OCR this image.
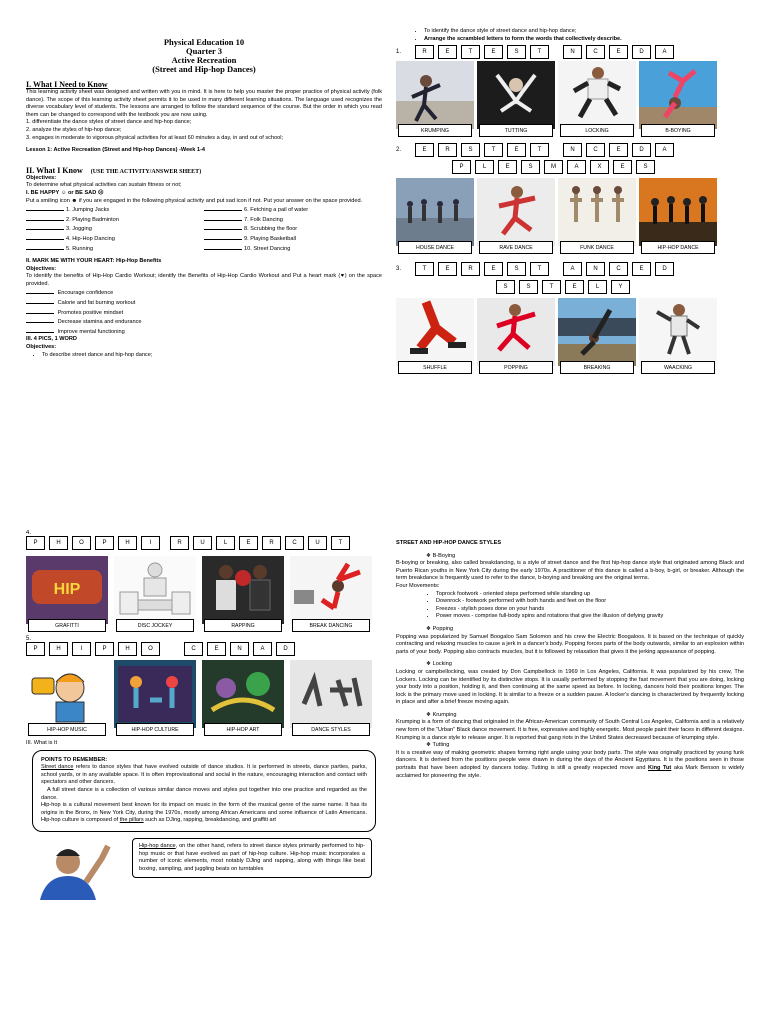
Physical Education 10
Quarter 3
Active Recreation
(Street and Hip-hop Dances)
I. What I Need to Know
This learning activity sheet was designed and written with you in mind. It is here to help you master the proper practice of physical activity (folk dance). The scope of this learning activity sheet permits it to be used in many different learning situations. The language used recognizes the diverse vocabulary level of students. The lessons are arranged to follow the standard sequence of the course. But the order in which you read them can be changed to correspond with the textbook you are now using.
1. differentiate the dance styles of street dance and hip-hop dance;
2. analyze the styles of hip-hop dance;
3. engages in moderate to vigorous physical activities for at least 60 minutes a day, in and out of school;
Lesson 1: Active Recreation (Street and Hip-hop Dances) -Week 1-4
II. What I Know (USE THE ACTIVITY/ANSWER SHEET)
Objectives:
To determine what physical activities can sustain fitness or not;
I. BE HAPPY ☺ or BE SAD ☹
Put a smiling icon ☻ if you are engaged in the following physical activity and put sad icon if not. Put your answer on the space provided.
1. Jumping Jacks
2. Playing Badminton
3. Jogging
4. Hip-Hop Dancing
5. Running
6. Fetching a pail of water
7. Folk Dancing
8. Scrubbing the floor
9. Playing Basketball
10. Street Dancing
II. MARK ME WITH YOUR HEART: Hip-Hop Benefits
Objectives:
To identify the benefits of Hip-Hop Cardio Workout; identify the Benefits of Hip-Hop Cardio Workout and Put a heart mark (♥) on the space provided.
Encourage confidence
Calorie and fat burning workout
Promotes positive mindset
Decrease stamina and endurance
Improve mental functioning
III. 4 PICS, 1 WORD
Objectives:
• To describe street dance and hip-hop dance;
• To identify the dance style of street dance and hip-hop dance;
• Arrange the scrambled letters to form the words that collectively describe.
1.	R	E	T	E	S	T	N	C	E	D	A
KRUMPING	TUTTING	LOCKING	B-BOYING
2.	E	R	S	T	E	T	N	C	E	D	A
P	L	E	S	M	A	X	E	S
HOUSE DANCE	RAVE DANCE	FUNK DANCE	HIP-HOP DANCE
3.	T	E	R	E	S	T	A	N	C	E	D
S	S	T	E	L	Y
SHUFFLE	POPPING	BREAKING	WAACKING
4.
P	H	O	P	H	I	R	U	L	E	R	C	U	T
HIP
GRAFITTI	DISC JOCKEY	RAPPING	BREAK DANCING
5.
P	H	I	P	H	O	C	E	N	A	D
HIP-HOP MUSIC	HIP-HOP CULTURE	HIP-HOP ART	DANCE STYLES
III. What is It
POINTS TO REMEMBER:
Street dance refers to dance styles that have evolved outside of dance studios. It is performed in streets, dance parties, parks, school yards, or in any available space. It is often improvisational and social in the nature, encouraging interaction and contact with spectators and other dancers.
A full street dance is a collection of various similar dance moves and styles put together into one practice and regarded as the dance.
Hip-hop is a cultural movement best known for its impact on music in the form of the musical genre of the same name. It has its origins in the Bronx, in New York City, during the 1970s, mostly among African Americans and some influence of Latin Americans. Hip-hop culture is composed of the pillars such as DJing, rapping, breakdancing, and graffiti art
Hip-hop dance, on the other hand, refers to street dance styles primarily performed to hip-hop music or that have evolved as part of hip-hop culture. Hip-hop music incorporates a number of iconic elements, most notably DJing and rapping, along with things like beat boxing, sampling, and juggling beats on turntables
STREET AND HIP-HOP DANCE STYLES
❖ B-Boying
B-boying or breaking, also called breakdancing, is a style of street dance and the first hip-hop dance style that originated among Black and Puerto Rican youths in New York City during the early 1970s. A practitioner of this dance is called a b-boy, b-girl, or breaker. Although the term breakdance is frequently used to refer to the dance, b-boying and breaking are the original terms.
Four Movements:
• Toprock footwork - oriented steps performed while standing up
• Downrock - footwork performed with both hands and feet on the floor
• Freezes - stylish poses done on your hands
• Power moves - comprise full-body spins and rotations that give the illusion of defying gravity
❖ Popping
Popping was popularized by Samuel Boogaloo Sam Solomon and his crew the Electric Boogaloos. It is based on the technique of quickly contracting and relaxing muscles to cause a jerk in a dancer's body. Popping forces parts of the body outwards, similar to an explosion within parts of your body. Popping also contracts muscles, but it is followed by relaxation that gives it the jerking appearance of popping.
❖ Locking
Locking or campbellocking, was created by Don Campbellock in 1969 in Los Angeles, California. It was popularized by his crew, The Lockers. Locking can be identified by its distinctive stops. It is usually performed by stopping the fast movement that you are doing, locking your body into a position, holding it, and then continuing at the same speed as before. In locking, dancers hold their positions longer. The lock is the primary move used in locking. It is similar to a freeze or a sudden pause. A locker's dancing is characterized by frequently locking in place and after a brief freeze moving again.
❖ Krumping
Krumping is a form of dancing that originated in the African-American community of South Central Los Angeles, California and is a relatively new form of the “Urban” Black dance movement. It is free, expressive and highly energetic. Most people paint their faces in different designs. Krumping is a dance style to release anger. It is reported that gang riots in the United States decreased because of krumping style.
❖ Tutting
It is a creative way of making geometric shapes forming right angle using your body parts. The style was originally practiced by young funk dancers. It is derived from the positions people were drawn in during the days of the Ancient Egyptians. It is the positions seen in those portraits that have been adopted by dancers today. Tutting is still a greatly respected move and King Tut aka Mark Benson is widely acclaimed for pioneering the style.
